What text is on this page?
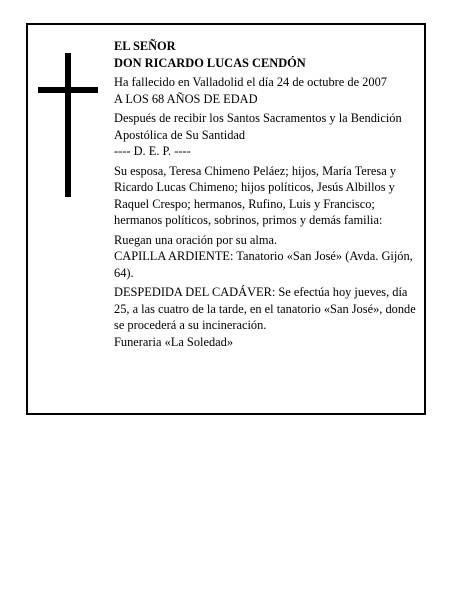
EL SEÑOR

DON RICARDO LUCAS CENDÓN

Ha fallecido en Valladolid el día 24 de octubre de 2007

A LOS 68 AÑOS DE EDAD

Después de recibir los Santos Sacramentos y la Bendición Apostólica de Su Santidad

---- D. E. P. ----

Su esposa, Teresa Chimeno Peláez; hijos, María Teresa y Ricardo Lucas Chimeno; hijos políticos, Jesús Albillos y Raquel Crespo; hermanos, Rufino, Luis y Francisco; hermanos políticos, sobrinos, primos y demás familia:

Ruegan una oración por su alma.

CAPILLA ARDIENTE: Tanatorio «San José» (Avda. Gijón, 64).

DESPEDIDA DEL CADÁVER: Se efectúa hoy jueves, día 25, a las cuatro de la tarde, en el tanatorio «San José», donde se procederá a su incineración.

Funeraria «La Soledad»
